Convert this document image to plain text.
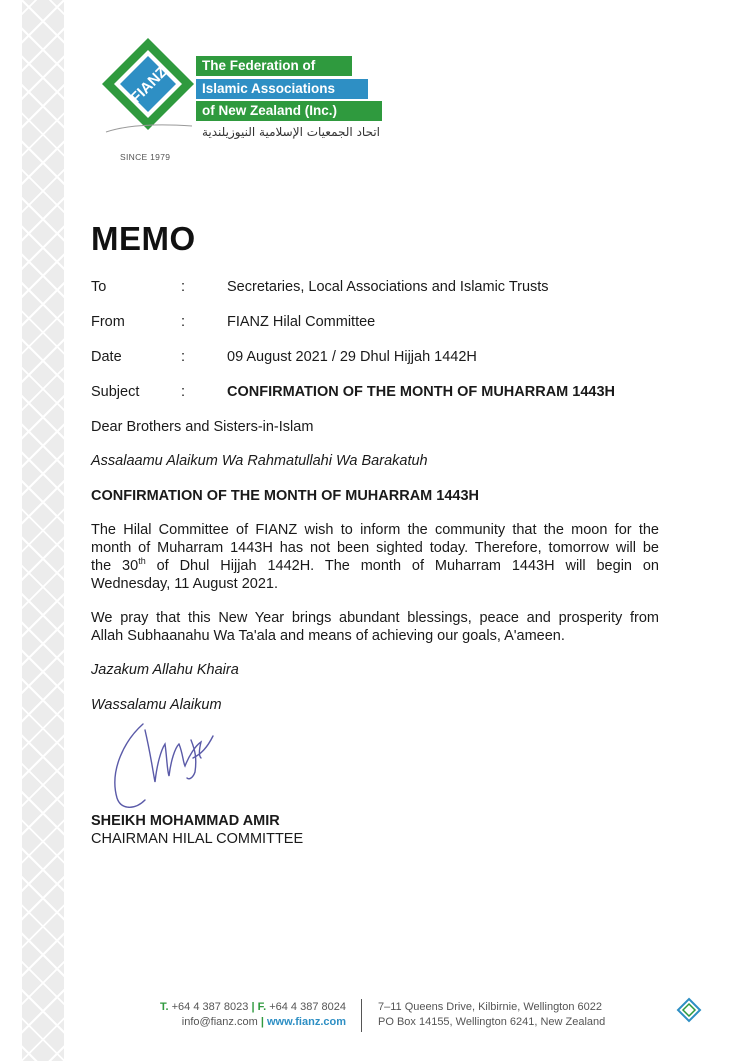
FIANZ	The Federation of
Islamic Associations
of New Zealand (Inc.)
اتحاد الجمعيات الإسلامية النيوزيلندية
SINCE 1979
MEMO
To	:	Secretaries, Local Associations and Islamic Trusts
From	:	FIANZ Hilal Committee
Date	:	09 August 2021 / 29 Dhul Hijjah 1442H
Subject	:	CONFIRMATION OF THE MONTH OF MUHARRAM 1443H
Dear Brothers and Sisters-in-Islam
Assalaamu Alaikum Wa Rahmatullahi Wa Barakatuh
CONFIRMATION OF THE MONTH OF MUHARRAM 1443H
The Hilal Committee of FIANZ wish to inform the community that the moon for the
month of Muharram 1443H has not been sighted today. Therefore, tomorrow will be
the 30th of Dhul Hijjah 1442H. The month of Muharram 1443H will begin on
Wednesday, 11 August 2021.
We pray that this New Year brings abundant blessings, peace and prosperity from
Allah Subhaanahu Wa Ta'ala and means of achieving our goals, A'ameen.
Jazakum Allahu Khaira
Wassalamu Alaikum
SHEIKH MOHAMMAD AMIR
CHAIRMAN HILAL COMMITTEE
T. +64 4 387 8023 | F. +64 4 387 8024
info@fianz.com | www.fianz.com
7–11 Queens Drive, Kilbirnie, Wellington 6022
PO Box 14155, Wellington 6241, New Zealand
